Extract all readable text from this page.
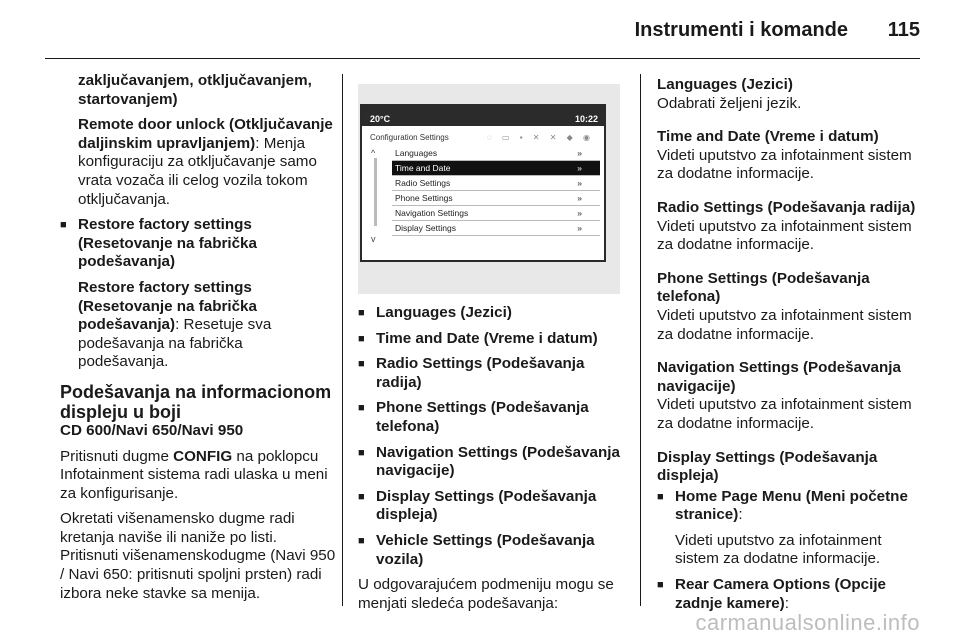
Instrumenti i komande 115

zaključavanjem, otključavanjem, startovanjem)

Remote door unlock (Otključavanje daljinskim upravljanjem): Menja konfiguraciju za otključavanje samo vrata vozača ili celog vozila tokom otključavanja.

■ Restore factory settings (Resetovanje na fabrička podešavanja)

Restore factory settings (Resetovanje na fabrička podešavanja): Resetuje sva podešavanja na fabrička podešavanja.

Podešavanja na informacionom displeju u boji

CD 600/Navi 650/Navi 950

Pritisnuti dugme CONFIG na poklopcu Infotainment sistema radi ulaska u meni za konfigurisanje.

Okretati višenamensko dugme radi kretanja naviše ili naniže po listi. Pritisnuti višenamenskodugme (Navi 950 / Navi 650: pritisnuti spoljni prsten) radi izbora neke stavke sa menija.

20°C	10:22
Configuration Settings	◌ ▭ ▪ ✕ ✕ ◆ ◉
^
v
Languages	»
Time and Date	»
Radio Settings	»
Phone Settings	»
Navigation Settings	»
Display Settings	»
■ Languages (Jezici)
■ Time and Date (Vreme i datum)
■ Radio Settings (Podešavanja radija)
■ Phone Settings (Podešavanja telefona)
■ Navigation Settings (Podešavanja navigacije)
■ Display Settings (Podešavanja displeja)
■ Vehicle Settings (Podešavanja vozila)

U odgovarajućem podmeniju mogu se menjati sledeća podešavanja:

Languages (Jezici)

Odabrati željeni jezik.

Time and Date (Vreme i datum)

Videti uputstvo za infotainment sistem za dodatne informacije.

Radio Settings (Podešavanja radija)

Videti uputstvo za infotainment sistem za dodatne informacije.

Phone Settings (Podešavanja telefona)

Videti uputstvo za infotainment sistem za dodatne informacije.

Navigation Settings (Podešavanja navigacije)

Videti uputstvo za infotainment sistem za dodatne informacije.

Display Settings (Podešavanja displeja)

■ Home Page Menu (Meni početne stranice):

Videti uputstvo za infotainment sistem za dodatne informacije.

■ Rear Camera Options (Opcije zadnje kamere):
carmanualsonline.info
